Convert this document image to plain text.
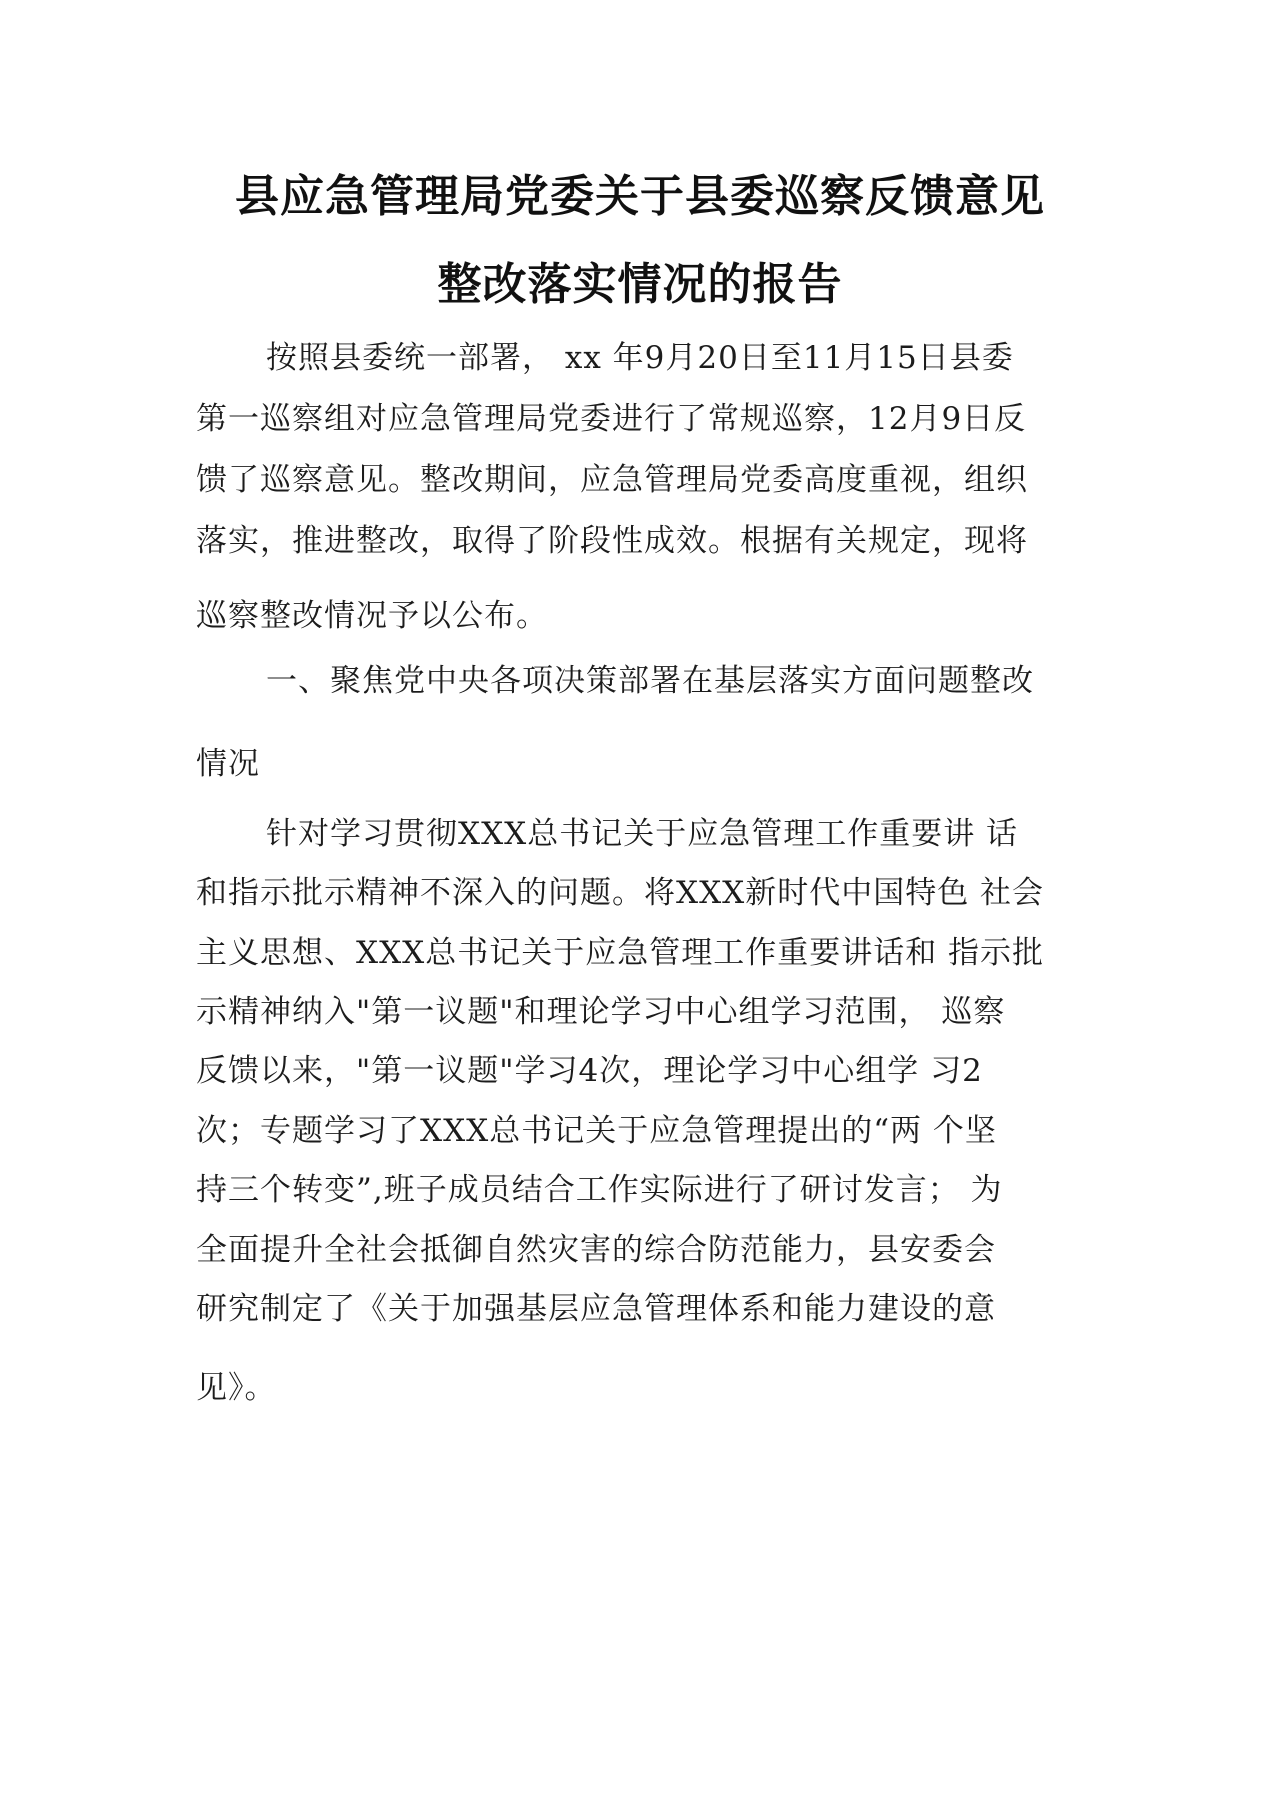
县应急管理局党委关于县委巡察反馈意见
整改落实情况的报告
按照县委统一部署， xx 年9月20日至11月15日县委
第一巡察组对应急管理局党委进行了常规巡察，12月9日反
馈了巡察意见。整改期间，应急管理局党委高度重视，组织
落实，推进整改，取得了阶段性成效。根据有关规定，现将
巡察整改情况予以公布。
一、聚焦党中央各项决策部署在基层落实方面问题整改
情况
针对学习贯彻XXX总书记关于应急管理工作重要讲 话
和指示批示精神不深入的问题。将XXX新时代中国特色 社会
主义思想、XXX总书记关于应急管理工作重要讲话和 指示批
示精神纳入"第一议题"和理论学习中心组学习范围， 巡察
反馈以来，"第一议题"学习4次，理论学习中心组学 习2
次；专题学习了XXX总书记关于应急管理提出的“两 个坚
持三个转变”,班子成员结合工作实际进行了研讨发言； 为
全面提升全社会抵御自然灾害的综合防范能力，县安委会
研究制定了《关于加强基层应急管理体系和能力建设的意
见》。
